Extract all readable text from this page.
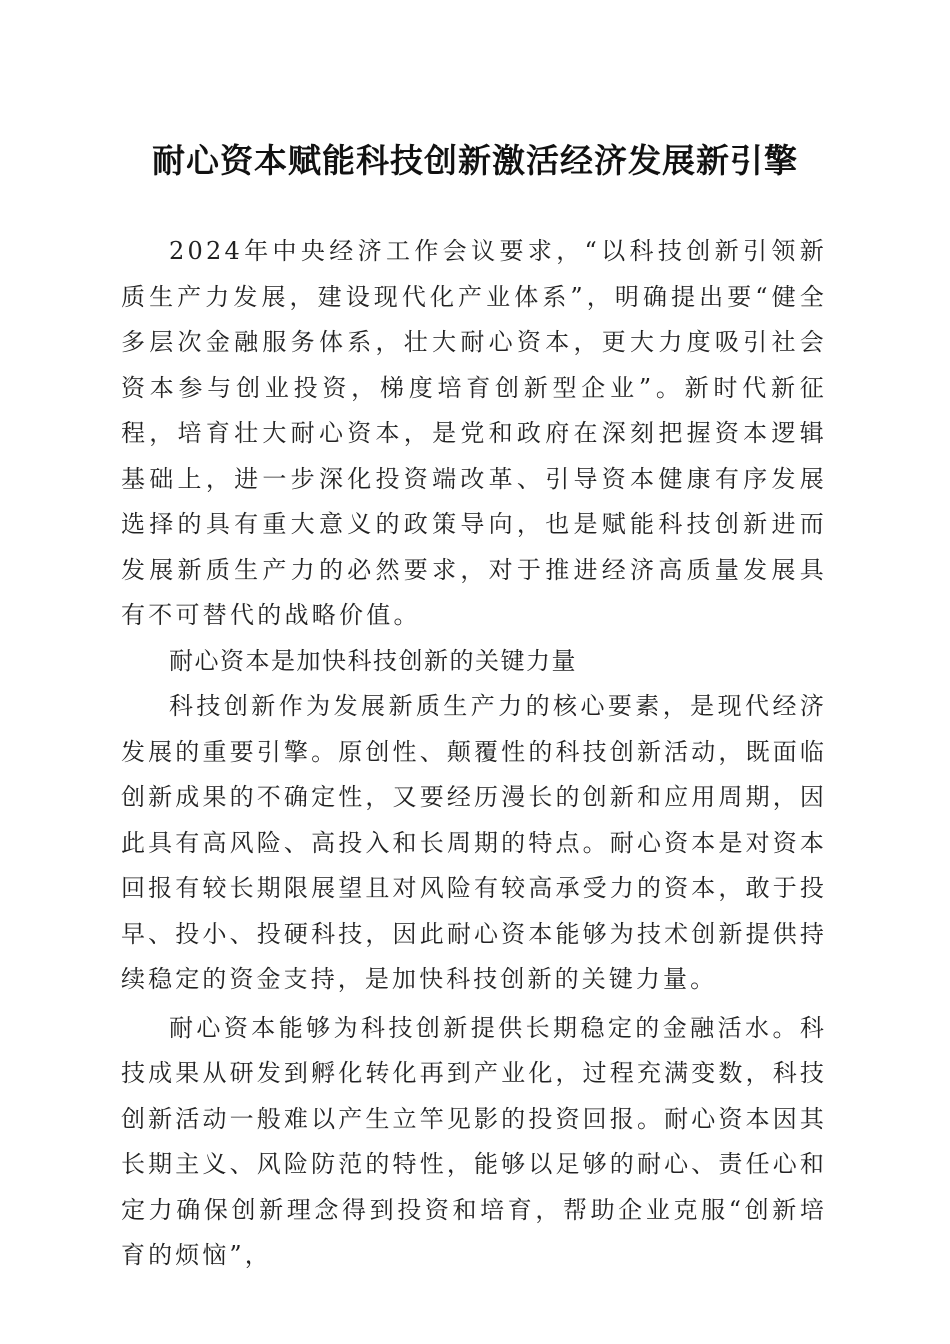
耐心资本赋能科技创新激活经济发展新引擎

2024年中央经济工作会议要求，“以科技创新引领新质生产力发展，建设现代化产业体系”，明确提出要“健全多层次金融服务体系，壮大耐心资本，更大力度吸引社会资本参与创业投资，梯度培育创新型企业”。新时代新征程，培育壮大耐心资本，是党和政府在深刻把握资本逻辑基础上，进一步深化投资端改革、引导资本健康有序发展选择的具有重大意义的政策导向，也是赋能科技创新进而发展新质生产力的必然要求，对于推进经济高质量发展具有不可替代的战略价值。

耐心资本是加快科技创新的关键力量

科技创新作为发展新质生产力的核心要素，是现代经济发展的重要引擎。原创性、颠覆性的科技创新活动，既面临创新成果的不确定性，又要经历漫长的创新和应用周期，因此具有高风险、高投入和长周期的特点。耐心资本是对资本回报有较长期限展望且对风险有较高承受力的资本，敢于投早、投小、投硬科技，因此耐心资本能够为技术创新提供持续稳定的资金支持，是加快科技创新的关键力量。

耐心资本能够为科技创新提供长期稳定的金融活水。科技成果从研发到孵化转化再到产业化，过程充满变数，科技创新活动一般难以产生立竿见影的投资回报。耐心资本因其长期主义、风险防范的特性，能够以足够的耐心、责任心和定力确保创新理念得到投资和培育，帮助企业克服“创新培育的烦恼”，
